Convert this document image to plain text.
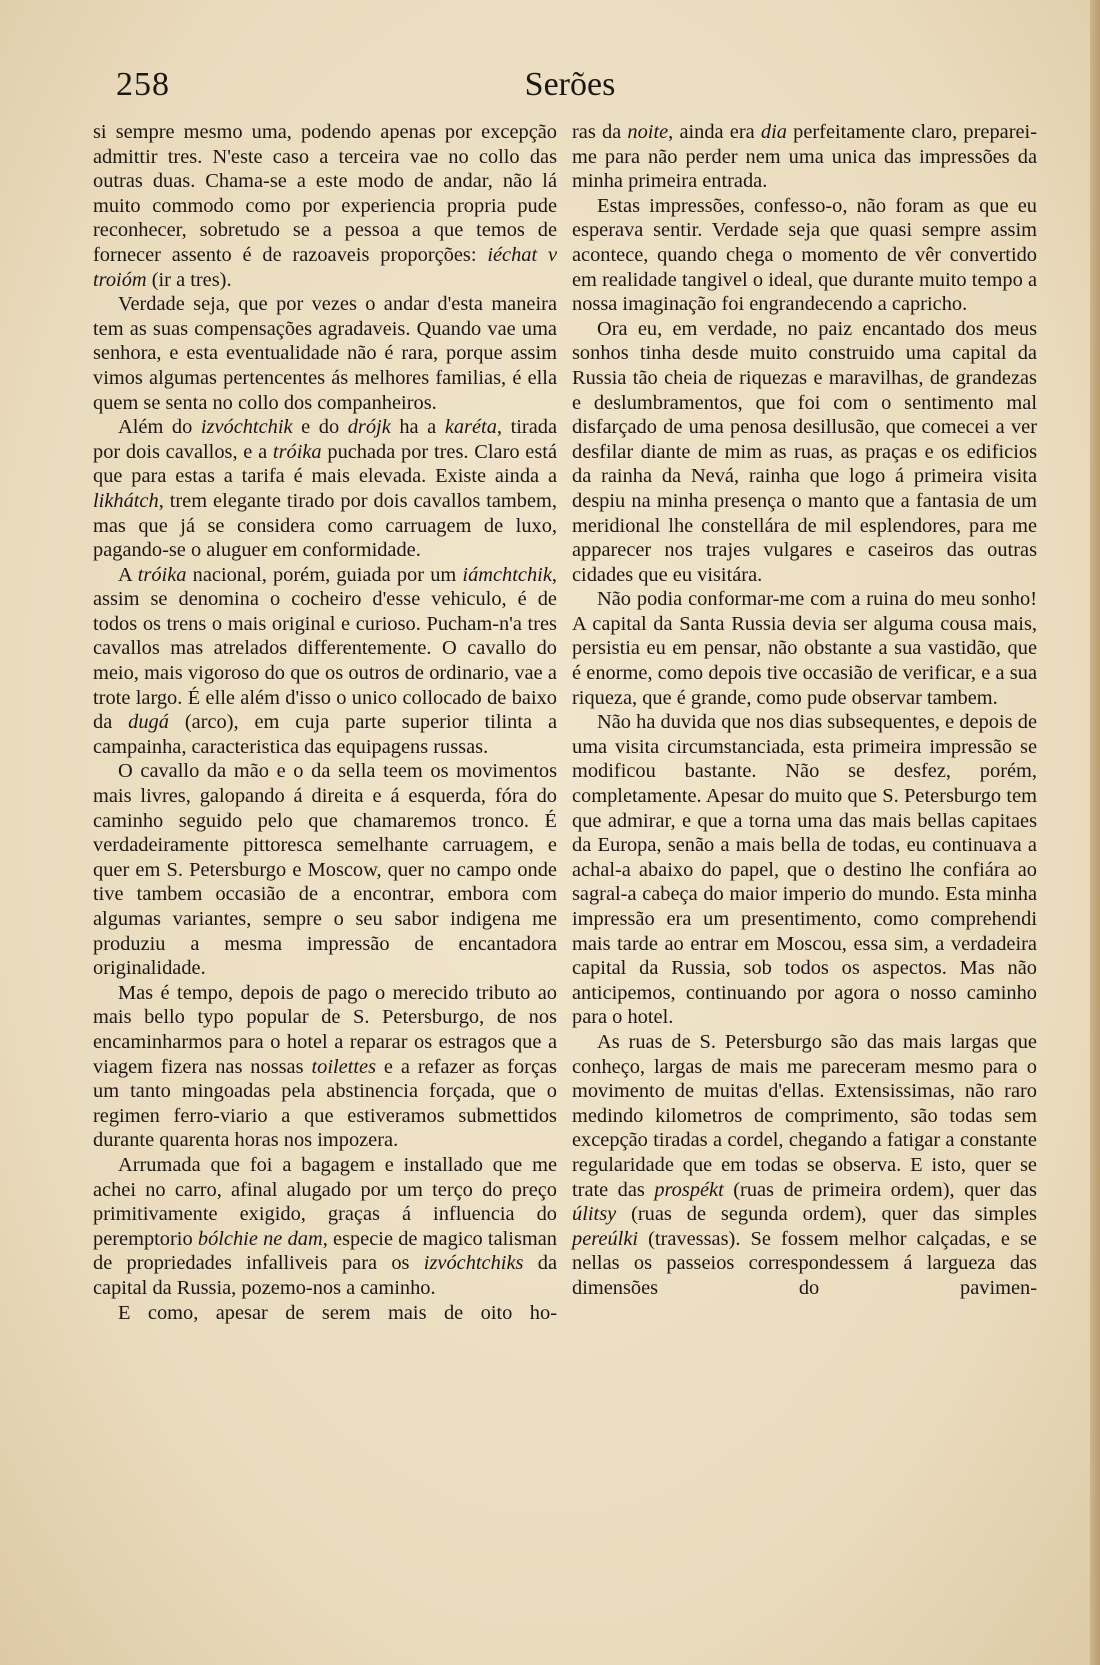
258	Serões

si sempre mesmo uma, podendo apenas por excepção admittir tres. N'este caso a terceira vae no collo das outras duas. Chama-se a este modo de andar, não lá muito commodo como por experiencia propria pude reconhecer, sobretudo se a pessoa a que temos de fornecer assento é de razoaveis proporções: iéchat v troióm (ir a tres).

Verdade seja, que por vezes o andar d'esta maneira tem as suas compensações agradaveis. Quando vae uma senhora, e esta eventualidade não é rara, porque assim vimos algumas pertencentes ás melhores familias, é ella quem se senta no collo dos companheiros.

Além do izvóchtchik e do drójk ha a karéta, tirada por dois cavallos, e a tróika puchada por tres. Claro está que para estas a tarifa é mais elevada. Existe ainda a likhátch, trem elegante tirado por dois cavallos tambem, mas que já se considera como carruagem de luxo, pagando-se o aluguer em conformidade.

A tróika nacional, porém, guiada por um iámchtchik, assim se denomina o cocheiro d'esse vehiculo, é de todos os trens o mais original e curioso. Pucham-n'a tres cavallos mas atrelados differentemente. O cavallo do meio, mais vigoroso do que os outros de ordinario, vae a trote largo. É elle além d'isso o unico collocado de baixo da dugá (arco), em cuja parte superior tilinta a campainha, caracteristica das equipagens russas.

O cavallo da mão e o da sella teem os movimentos mais livres, galopando á direita e á esquerda, fóra do caminho seguido pelo que chamaremos tronco. É verdadeiramente pittoresca semelhante carruagem, e quer em S. Petersburgo e Moscow, quer no campo onde tive tambem occasião de a encontrar, embora com algumas variantes, sempre o seu sabor indigena me produziu a mesma impressão de encantadora originalidade.

Mas é tempo, depois de pago o merecido tributo ao mais bello typo popular de S. Petersburgo, de nos encaminharmos para o hotel a reparar os estragos que a viagem fizera nas nossas toilettes e a refazer as forças um tanto mingoadas pela abstinencia forçada, que o regimen ferro-viario a que estiveramos submettidos durante quarenta horas nos impozera.

Arrumada que foi a bagagem e installado que me achei no carro, afinal alugado por um terço do preço primitivamente exigido, graças á influencia do peremptorio bólchie ne dam, especie de magico talisman de propriedades infalliveis para os izvóchtchiks da capital da Russia, pozemo-nos a caminho.

E como, apesar de serem mais de oito ho-

ras da noite, ainda era dia perfeitamente claro, preparei-me para não perder nem uma unica das impressões da minha primeira entrada.

Estas impressões, confesso-o, não foram as que eu esperava sentir. Verdade seja que quasi sempre assim acontece, quando chega o momento de vêr convertido em realidade tangivel o ideal, que durante muito tempo a nossa imaginação foi engrandecendo a capricho.

Ora eu, em verdade, no paiz encantado dos meus sonhos tinha desde muito construido uma capital da Russia tão cheia de riquezas e maravilhas, de grandezas e deslumbramentos, que foi com o sentimento mal disfarçado de uma penosa desillusão, que comecei a ver desfilar diante de mim as ruas, as praças e os edificios da rainha da Nevá, rainha que logo á primeira visita despiu na minha presença o manto que a fantasia de um meridional lhe constellára de mil esplendores, para me apparecer nos trajes vulgares e caseiros das outras cidades que eu visitára.

Não podia conformar-me com a ruina do meu sonho! A capital da Santa Russia devia ser alguma cousa mais, persistia eu em pensar, não obstante a sua vastidão, que é enorme, como depois tive occasião de verificar, e a sua riqueza, que é grande, como pude observar tambem.

Não ha duvida que nos dias subsequentes, e depois de uma visita circumstanciada, esta primeira impressão se modificou bastante. Não se desfez, porém, completamente. Apesar do muito que S. Petersburgo tem que admirar, e que a torna uma das mais bellas capitaes da Europa, senão a mais bella de todas, eu continuava a achal-a abaixo do papel, que o destino lhe confiára ao sagral-a cabeça do maior imperio do mundo. Esta minha impressão era um presentimento, como comprehendi mais tarde ao entrar em Moscou, essa sim, a verdadeira capital da Russia, sob todos os aspectos. Mas não anticipemos, continuando por agora o nosso caminho para o hotel.

As ruas de S. Petersburgo são das mais largas que conheço, largas de mais me pareceram mesmo para o movimento de muitas d'ellas. Extensissimas, não raro medindo kilometros de comprimento, são todas sem excepção tiradas a cordel, chegando a fatigar a constante regularidade que em todas se observa. E isto, quer se trate das prospékt (ruas de primeira ordem), quer das úlitsy (ruas de segunda ordem), quer das simples pereúlki (travessas). Se fossem melhor calçadas, e se nellas os passeios correspondessem á largueza das dimensões do pavimen-
